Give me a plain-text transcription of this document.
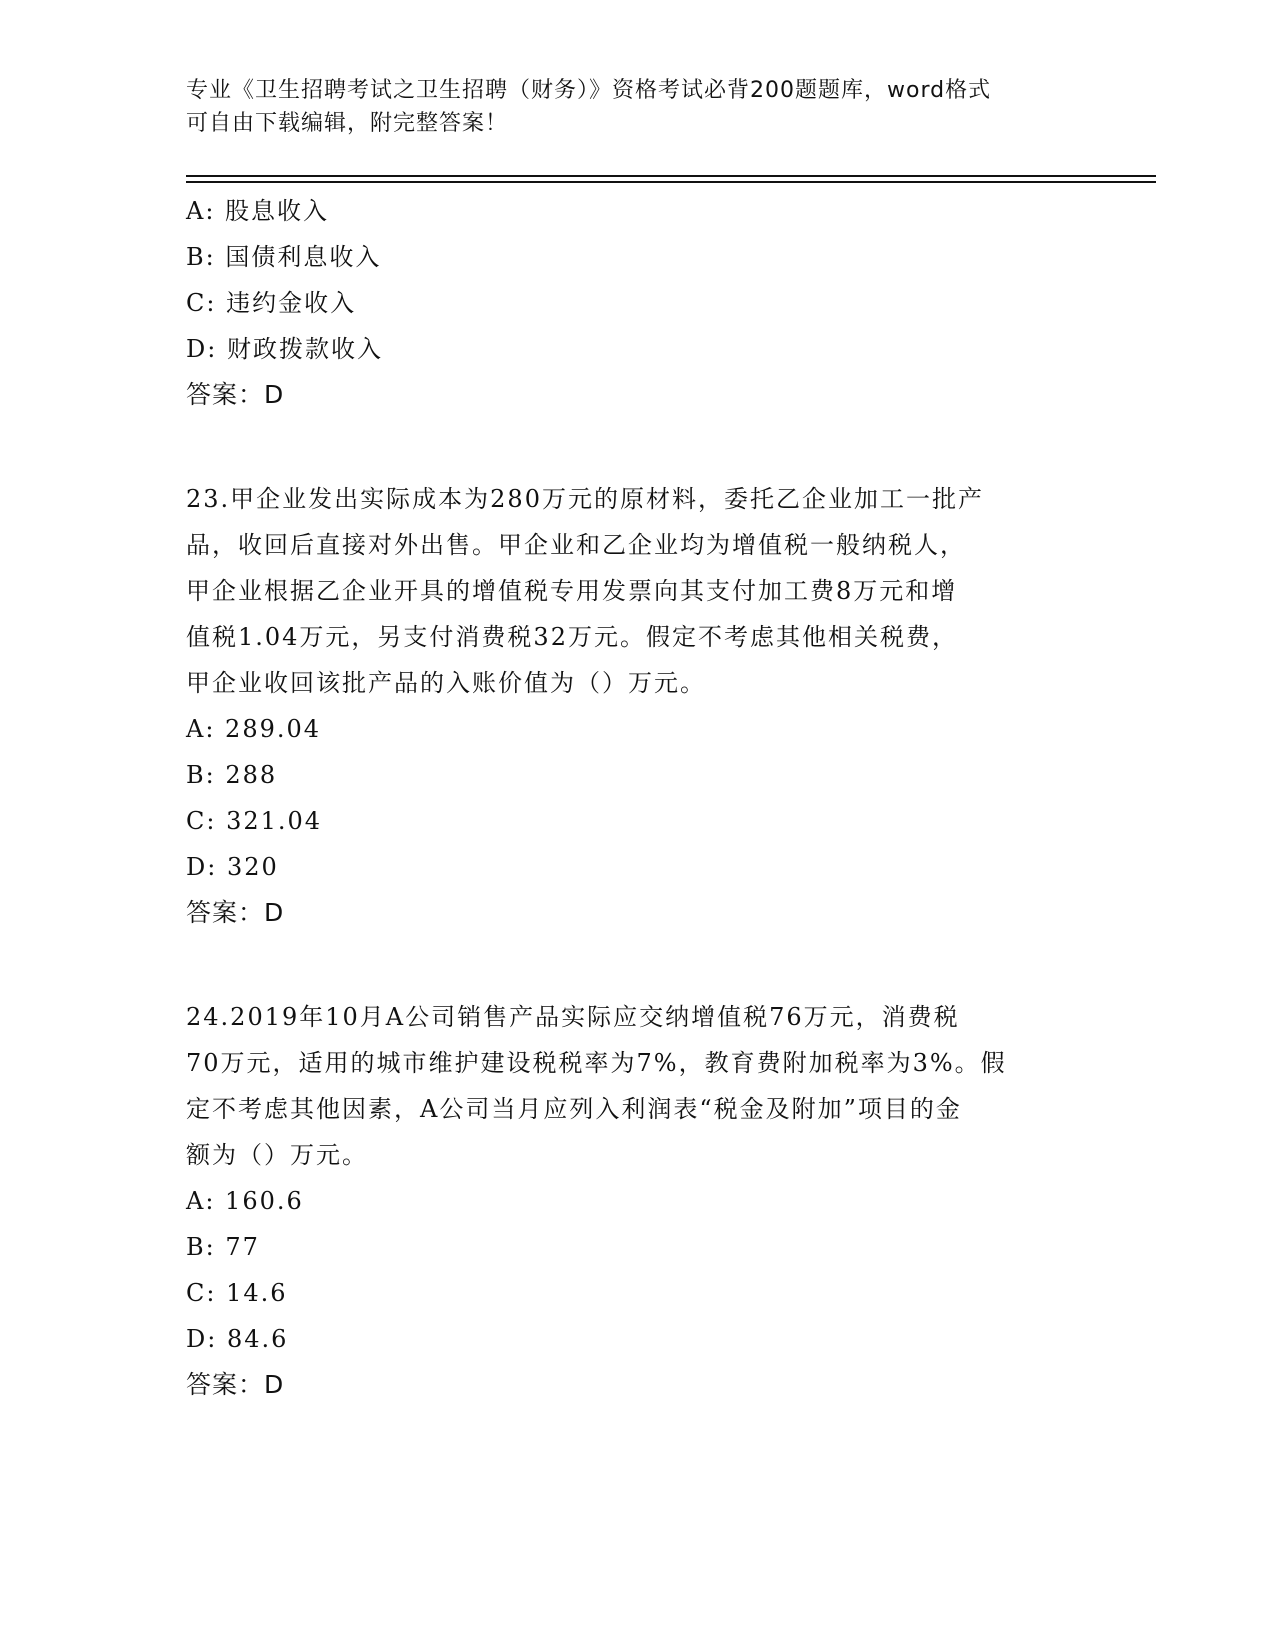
专业《卫生招聘考试之卫生招聘（财务）》资格考试必背200题题库，word格式
可自由下载编辑，附完整答案！
A: 股息收入
B: 国债利息收入
C: 违约金收入
D: 财政拨款收入
答案：D
23.甲企业发出实际成本为280万元的原材料，委托乙企业加工一批产
品，收回后直接对外出售。甲企业和乙企业均为增值税一般纳税人，
甲企业根据乙企业开具的增值税专用发票向其支付加工费8万元和增
值税1.04万元，另支付消费税32万元。假定不考虑其他相关税费，
甲企业收回该批产品的入账价值为（）万元。
A: 289.04
B: 288
C: 321.04
D: 320
答案：D
24.2019年10月A公司销售产品实际应交纳增值税76万元，消费税
70万元，适用的城市维护建设税税率为7%，教育费附加税率为3%。假
定不考虑其他因素，A公司当月应列入利润表“税金及附加”项目的金
额为（）万元。
A: 160.6
B: 77
C: 14.6
D: 84.6
答案：D
